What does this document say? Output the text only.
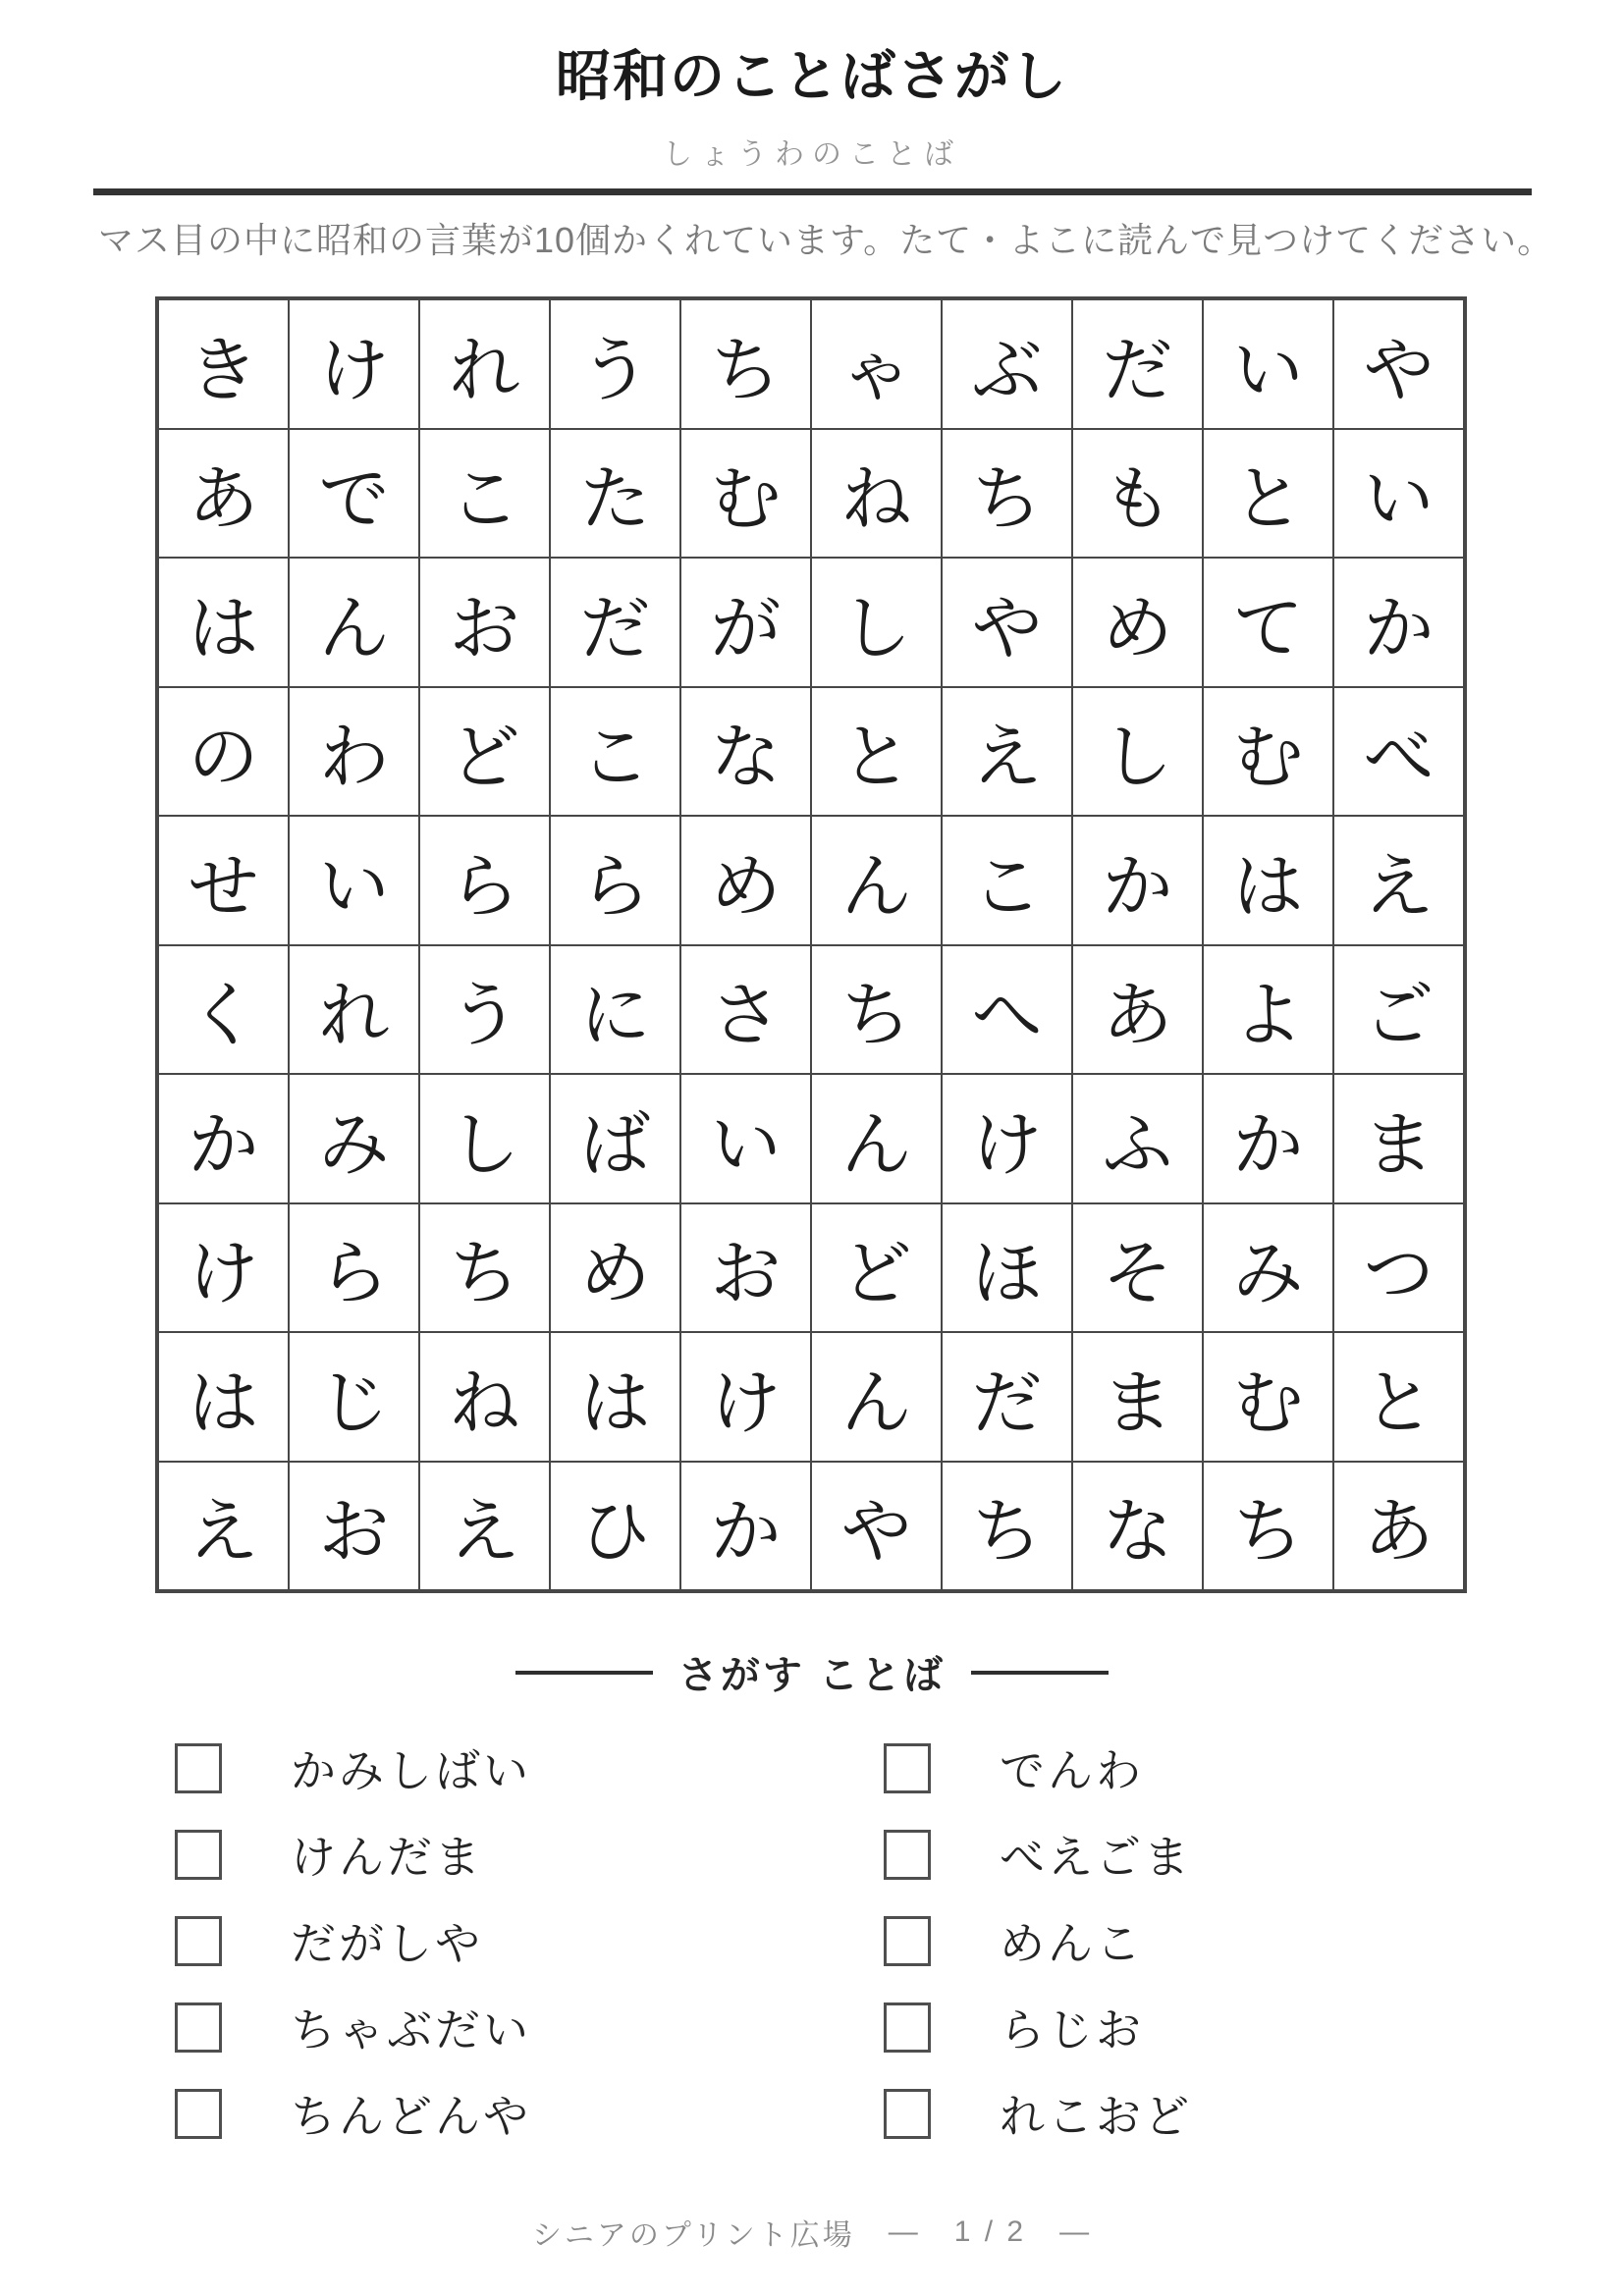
昭和のことばさがし
しょうわのことば
マス目の中に昭和の言葉が10個かくれています。たて・よこに読んで見つけてください。
き け れ う ち ゃ ぶ だ い や
あ で こ た む ね ち も と い
は ん お だ が し や め て か
の わ ど こ な と え し む べ
せ い ら ら め ん こ か は え
く れ う に さ ち へ あ よ ご
か み し ば い ん け ふ か ま
け ら ち め お ど ほ そ み つ
は じ ね は け ん だ ま む と
え お え ひ か や ち な ち あ
さがす ことば
かみしばい
けんだま
だがしや
ちゃぶだい
ちんどんや
でんわ
べえごま
めんこ
らじお
れこおど
シニアのプリント広場 — 1 / 2 —
